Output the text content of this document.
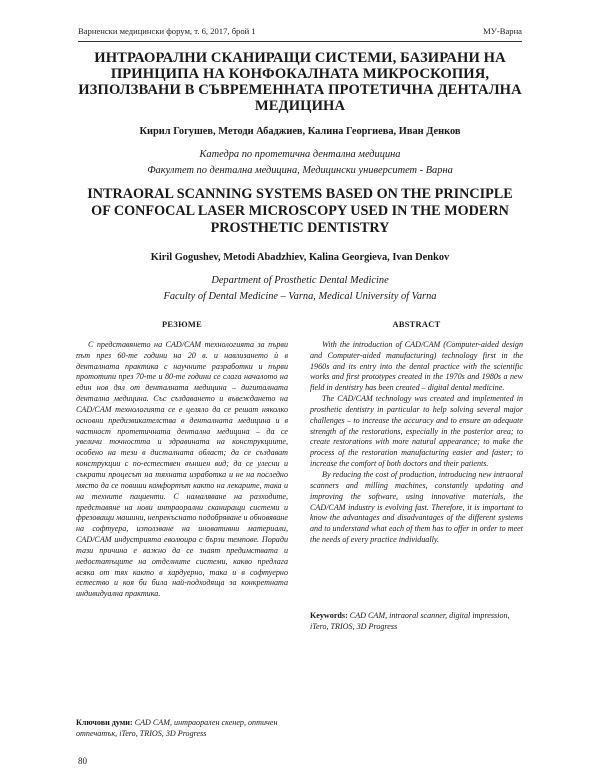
Варненски медицински форум, т. 6, 2017, брой 1	МУ-Варна
ИНТРАОРАЛНИ СКАНИРАЩИ СИСТЕМИ, БАЗИРАНИ НА ПРИНЦИПА НА КОНФОКАЛНАТА МИКРОСКОПИЯ, ИЗПОЛЗВАНИ В СЪВРЕМЕННАТА ПРОТЕТИЧНА ДЕНТАЛНА МЕДИЦИНА
Кирил Гогушев, Методи Абаджиев, Калина Георгиева, Иван Денков
Катедра по протетична дентална медицина
Факултет по дентална медицина, Медицински университет - Варна
INTRAORAL SCANNING SYSTEMS BASED ON THE PRINCIPLE OF CONFOCAL LASER MICROSCOPY USED IN THE MODERN PROSTHETIC DENTISTRY
Kiril Gogushev, Metodi Abadzhiev, Kalina Georgieva, Ivan Denkov
Department of Prosthetic Dental Medicine
Faculty of Dental Medicine – Varna, Medical University of Varna
РЕЗЮМЕ

С представянето на CAD/CAM технологията за първи път през 60-те години на 20 в. и навлизането ѝ в денталната практика с научните разработки и първи прототипи през 70-те и 80-те години се слага началото на един нов дял от денталната медицина – дигиталната дентална медицина. Със създаването и въвеждането на CAD/CAM технологията се е целяло да се решат няколко основни предизвикателства в денталната медицина и в частност протетичната дентална медицина – да се увеличи точността и здравината на конструкциите, особено на тези в дисталната област; да се създават конструкции с по-естествен външен вид; да се улесни и съкрати процесът на тяхната изработка и не на последно място да се повиши комфортът както на лекарите, така и на техните пациенти. С намаляване на разходите, представяне на нови интраорални сканиращи системи и фрезоващи машини, непрекъснато подобряване и обновяване на софтуера, използване на иновативни материали, CAD/CAM индустрията еволюира с бързи темпове. Поради тази причина е важно да се знаят предимствата и недостатъците на отделните системи, какво предлага всяка от тях както в хардуерно, така и в софтуерно естество и коя би била най-подходяща за конкретната индивидуална практика.

Ключови думи: CAD CAM, интраорален скенер, оптичен отпечатък, iTero, TRIOS, 3D Progress
ABSTRACT

With the introduction of CAD/CAM (Computer-aided design and Computer-aided manufacturing) technology first in the 1960s and its entry into the dental practice with the scientific works and first prototypes created in the 1970s and 1980s a new field in dentistry has been created – digital dental medicine.

The CAD/CAM technology was created and implemented in prosthetic dentistry in particular to help solving several major challenges – to increase the accuracy and to ensure an adequate strength of the restorations, especially in the posterior area; to create restorations with more natural appearance; to make the process of the restoration manufacturing easier and faster; to increase the comfort of both doctors and their patients.

By reducing the cost of production, introducing new intraoral scanners and milling machines, constantly updating and improving the software, using innovative materials, the CAD/CAM industry is evolving fast. Therefore, it is important to know the advantages and disadvantages of the different systems and to understand what each of them has to offer in order to meet the needs of every practice individually.

Keywords: CAD CAM, intraoral scanner, digital impression, iTero, TRIOS, 3D Progress
80
